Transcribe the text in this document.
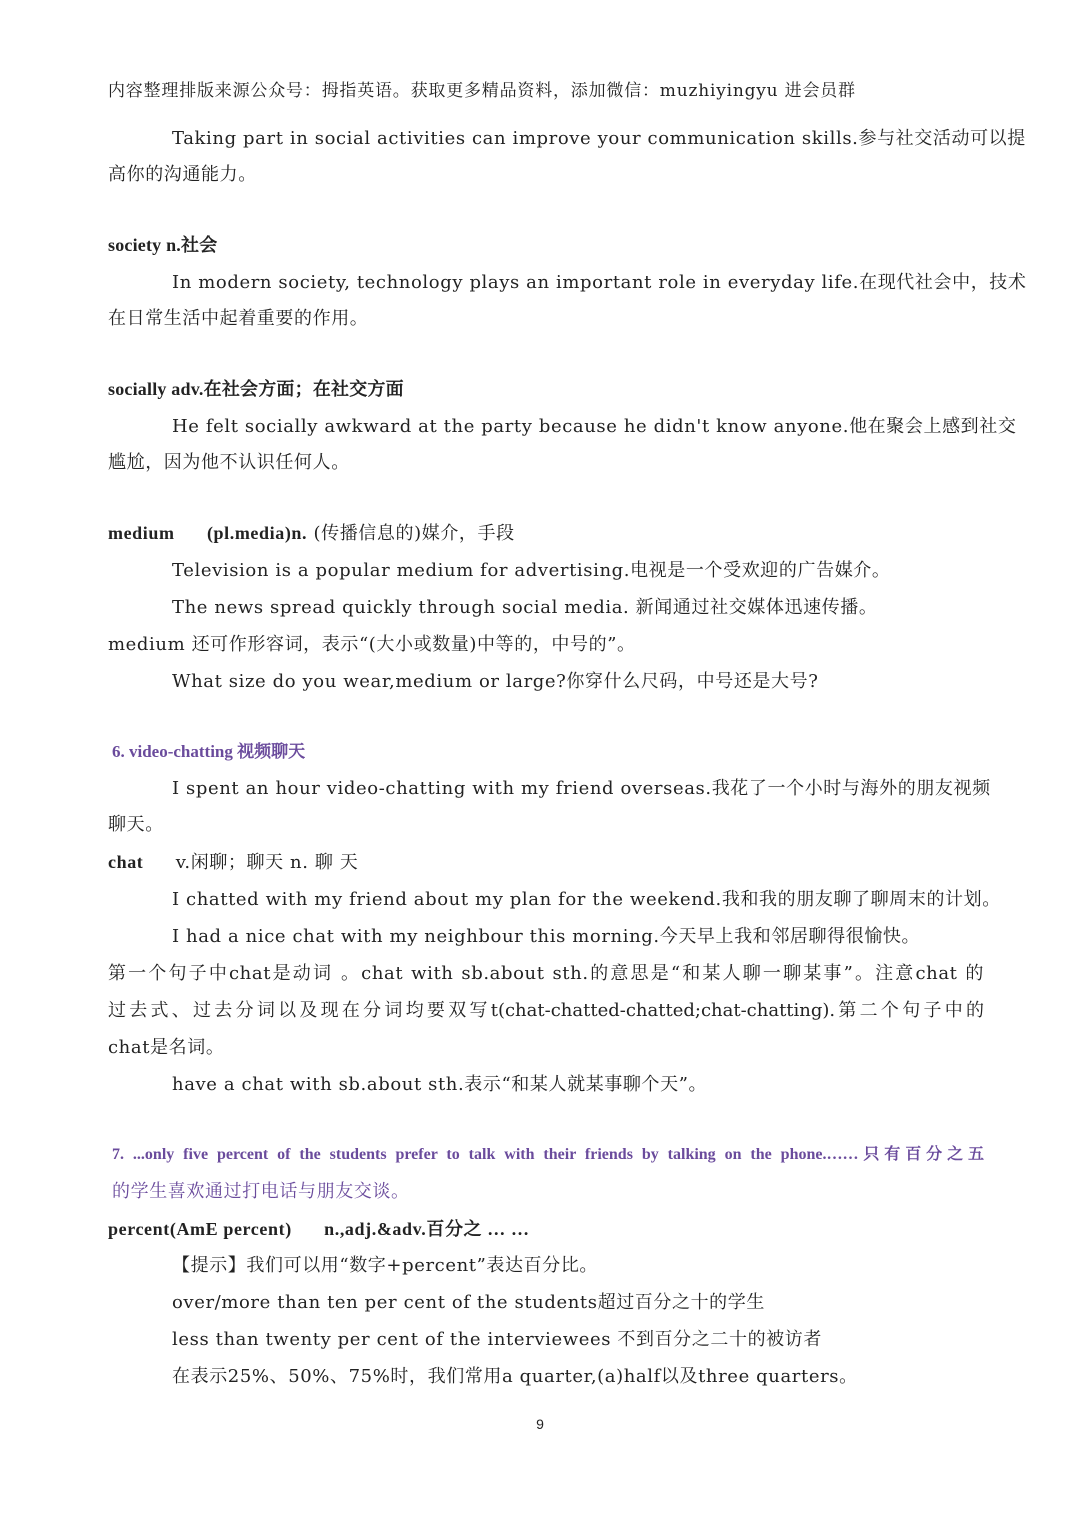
内容整理排版来源公众号：拇指英语。获取更多精品资料，添加微信：muzhiyingyu 进会员群
Taking part in social activities can improve your communication skills.参与社交活动可以提
高你的沟通能力。
society n.社会
In modern society, technology plays an important role in everyday life.在现代社会中，技术
在日常生活中起着重要的作用。
socially adv.在社会方面；在社交方面
He felt socially awkward at the party because he didn't know anyone.他在聚会上感到社交
尴尬，因为他不认识任何人。
medium (pl.media)n. (传播信息的)媒介，手段
Television is a popular medium for advertising.电视是一个受欢迎的广告媒介。
The news spread quickly through social media. 新闻通过社交媒体迅速传播。
medium 还可作形容词，表示“(大小或数量)中等的，中号的”。
What size do you wear,medium or large?你穿什么尺码，中号还是大号?
6. video-chatting 视频聊天
I spent an hour video-chatting with my friend overseas.我花了一个小时与海外的朋友视频
聊天。
chat v.闲聊；聊天 n. 聊 天
I chatted with my friend about my plan for the weekend.我和我的朋友聊了聊周末的计划。
I had a nice chat with my neighbour this morning.今天早上我和邻居聊得很愉快。
第一个句子中chat是动词 。chat with sb.about sth.的意思是“和某人聊一聊某事”。注意chat 的
过去式、过去分词以及现在分词均要双写t(chat-chatted-chatted;chat-chatting).第二个句子中的
chat是名词。
have a chat with sb.about sth.表示“和某人就某事聊个天”。
7. ...only five percent of the students prefer to talk with their friends by talking on the phone.……只有百分之五
的学生喜欢通过打电话与朋友交谈。
percent(AmE percent) n.,adj.&adv.百分之 … …
【提示】我们可以用“数字+percent”表达百分比。
over/more than ten per cent of the students超过百分之十的学生
less than twenty per cent of the interviewees 不到百分之二十的被访者
在表示25%、50%、75%时，我们常用a quarter,(a)half以及three quarters。
9
